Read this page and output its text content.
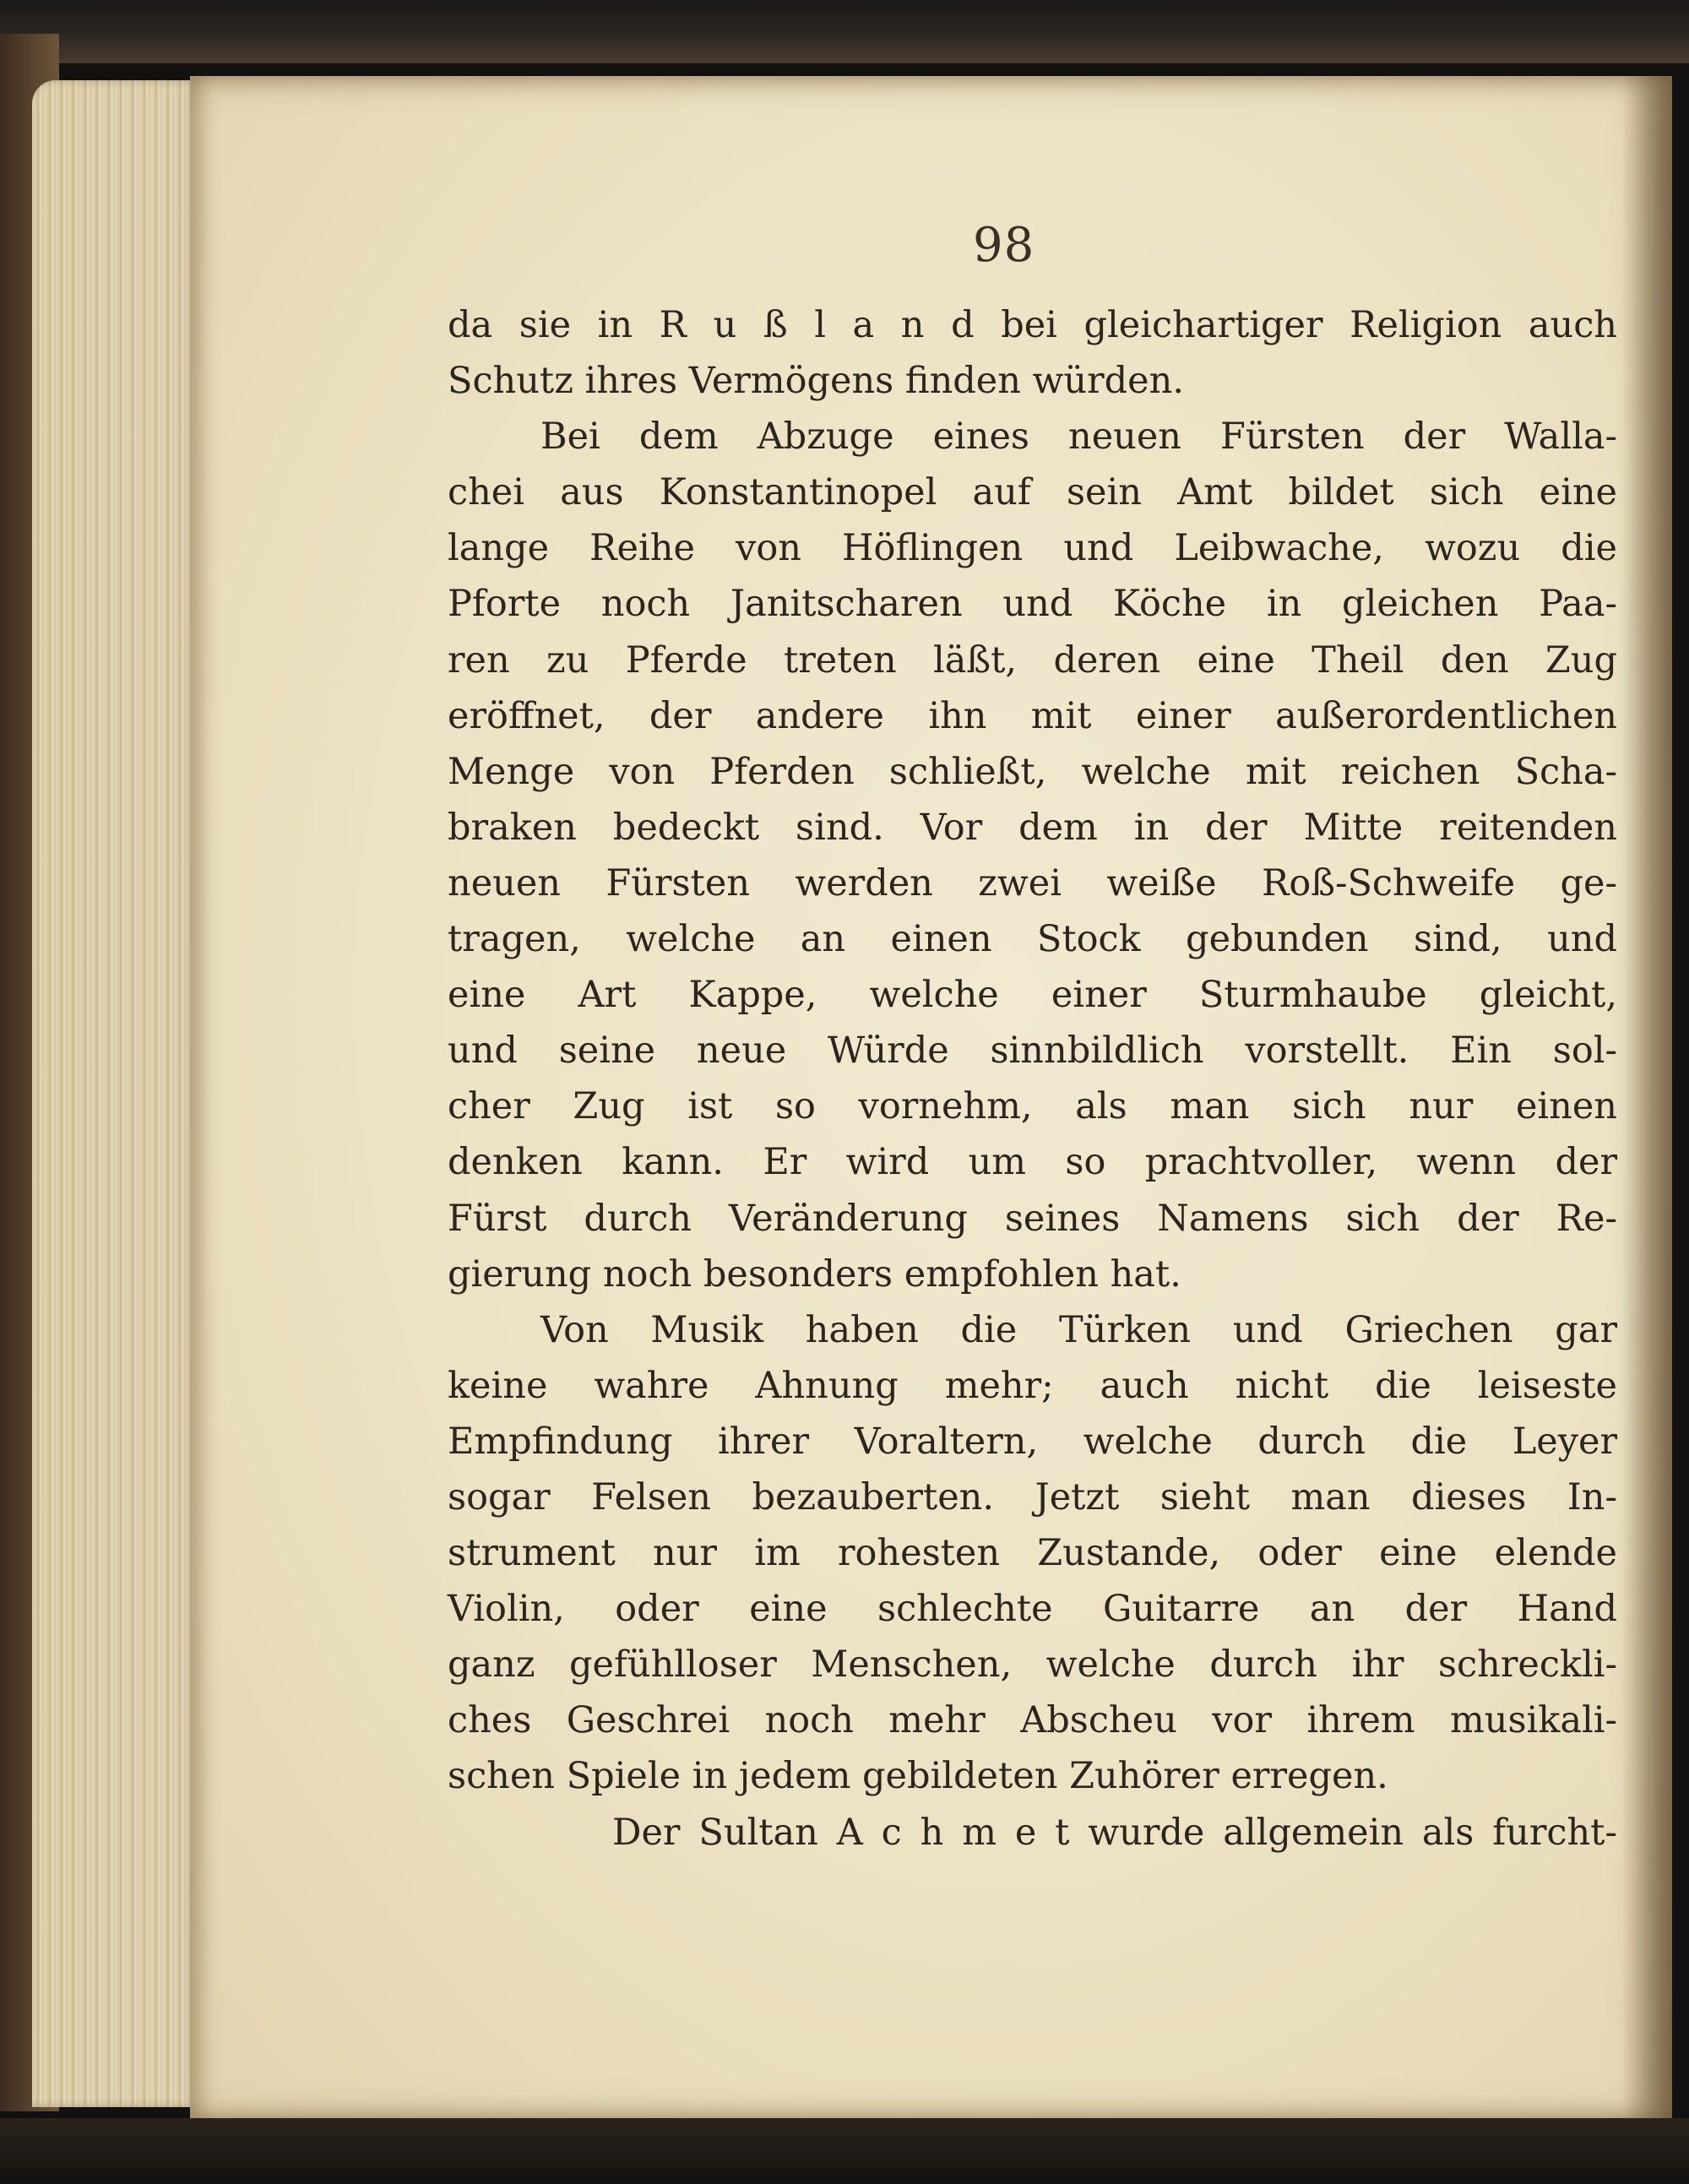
98
da sie in R u ß l a n d bei gleichartiger Religion auch
Schutz ihres Vermögens finden würden.
Bei dem Abzuge eines neuen Fürsten der Walla-
chei aus Konstantinopel auf sein Amt bildet sich eine
lange Reihe von Höflingen und Leibwache, wozu die
Pforte noch Janitscharen und Köche in gleichen Paa-
ren zu Pferde treten läßt, deren eine Theil den Zug
eröffnet, der andere ihn mit einer außerordentlichen
Menge von Pferden schließt, welche mit reichen Scha-
braken bedeckt sind. Vor dem in der Mitte reitenden
neuen Fürsten werden zwei weiße Roß-Schweife ge-
tragen, welche an einen Stock gebunden sind, und
eine Art Kappe, welche einer Sturmhaube gleicht,
und seine neue Würde sinnbildlich vorstellt. Ein sol-
cher Zug ist so vornehm, als man sich nur einen
denken kann. Er wird um so prachtvoller, wenn der
Fürst durch Veränderung seines Namens sich der Re-
gierung noch besonders empfohlen hat.
Von Musik haben die Türken und Griechen gar
keine wahre Ahnung mehr; auch nicht die leiseste
Empfindung ihrer Voraltern, welche durch die Leyer
sogar Felsen bezauberten. Jetzt sieht man dieses In-
strument nur im rohesten Zustande, oder eine elende
Violin, oder eine schlechte Guitarre an der Hand
ganz gefühlloser Menschen, welche durch ihr schreckli-
ches Geschrei noch mehr Abscheu vor ihrem musikali-
schen Spiele in jedem gebildeten Zuhörer erregen.
Der Sultan A c h m e t wurde allgemein als furcht-
